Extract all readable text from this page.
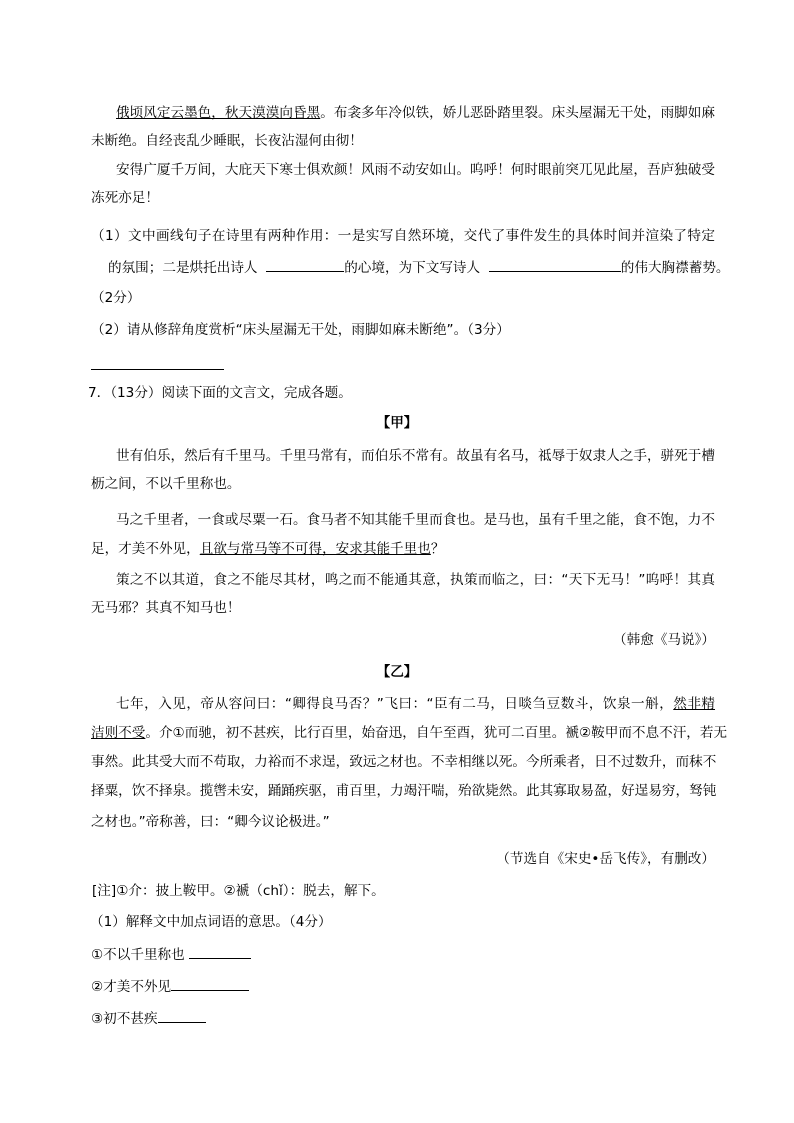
俄顷风定云墨色，秋天漠漠向昏黑。布衾多年冷似铁，娇儿恶卧踏里裂。床头屋漏无干处，雨脚如麻
未断绝。自经丧乱少睡眠，长夜沾湿何由彻！
安得广厦千万间，大庇天下寒士俱欢颜！风雨不动安如山。呜呼！何时眼前突兀见此屋，吾庐独破受
冻死亦足！
（1）文中画线句子在诗里有两种作用：一是实写自然环境，交代了事件发生的具体时间并渲染了特定
的氛围；二是烘托出诗人	的心境，为下文写诗人	的伟大胸襟蓄势。
（2分）
（2）请从修辞角度赏析“床头屋漏无干处，雨脚如麻未断绝”。（3分）
7．（13分）阅读下面的文言文，完成各题。
【甲】
世有伯乐，然后有千里马。千里马常有，而伯乐不常有。故虽有名马，祗辱于奴隶人之手，骈死于槽
枥之间，不以千里称也。
马之千里者，一食或尽粟一石。食马者不知其能千里而食也。是马也，虽有千里之能，食不饱，力不
足，才美不外见，且欲与常马等不可得，安求其能千里也？
策之不以其道，食之不能尽其材，鸣之而不能通其意，执策而临之，曰：“天下无马！”呜呼！其真
无马邪？其真不知马也！
（韩愈《马说》）
【乙】
七年，入见，帝从容问曰：“卿得良马否？”飞曰：“臣有二马，日啖刍豆数斗，饮泉一斛，然非精
洁则不受。介①而驰，初不甚疾，比行百里，始奋迅，自午至酉，犹可二百里。褫②鞍甲而不息不汗，若无
事然。此其受大而不苟取，力裕而不求逞，致远之材也。不幸相继以死。今所乘者，日不过数升，而秣不
择粟，饮不择泉。揽辔未安，踊踊疾驱，甫百里，力竭汗喘，殆欲毙然。此其寡取易盈，好逞易穷，驽钝
之材也。”帝称善，曰：“卿今议论极进。”
（节选自《宋史•岳飞传》，有删改）
[注]①介：披上鞍甲。②褫（chǐ）：脱去，解下。
（1）解释文中加点词语的意思。（4分）
①不以千里称也
②才美不外见
③初不甚疾
